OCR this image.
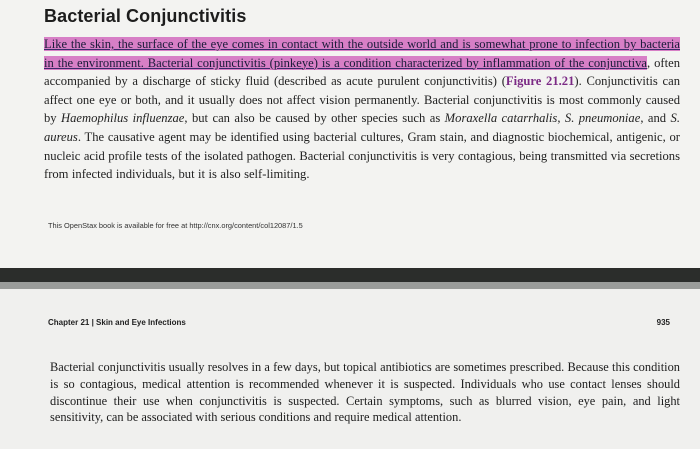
Bacterial Conjunctivitis

Like the skin, the surface of the eye comes in contact with the outside world and is somewhat prone to infection by bacteria in the environment. Bacterial conjunctivitis (pinkeye) is a condition characterized by inflammation of the conjunctiva, often accompanied by a discharge of sticky fluid (described as acute purulent conjunctivitis) (Figure 21.21). Conjunctivitis can affect one eye or both, and it usually does not affect vision permanently. Bacterial conjunctivitis is most commonly caused by Haemophilus influenzae, but can also be caused by other species such as Moraxella catarrhalis, S. pneumoniae, and S. aureus. The causative agent may be identified using bacterial cultures, Gram stain, and diagnostic biochemical, antigenic, or nucleic acid profile tests of the isolated pathogen. Bacterial conjunctivitis is very contagious, being transmitted via secretions from infected individuals, but it is also self-limiting.

This OpenStax book is available for free at http://cnx.org/content/col12087/1.5
Chapter 21 | Skin and Eye Infections	935

Bacterial conjunctivitis usually resolves in a few days, but topical antibiotics are sometimes prescribed. Because this condition is so contagious, medical attention is recommended whenever it is suspected. Individuals who use contact lenses should discontinue their use when conjunctivitis is suspected. Certain symptoms, such as blurred vision, eye pain, and light sensitivity, can be associated with serious conditions and require medical attention.
